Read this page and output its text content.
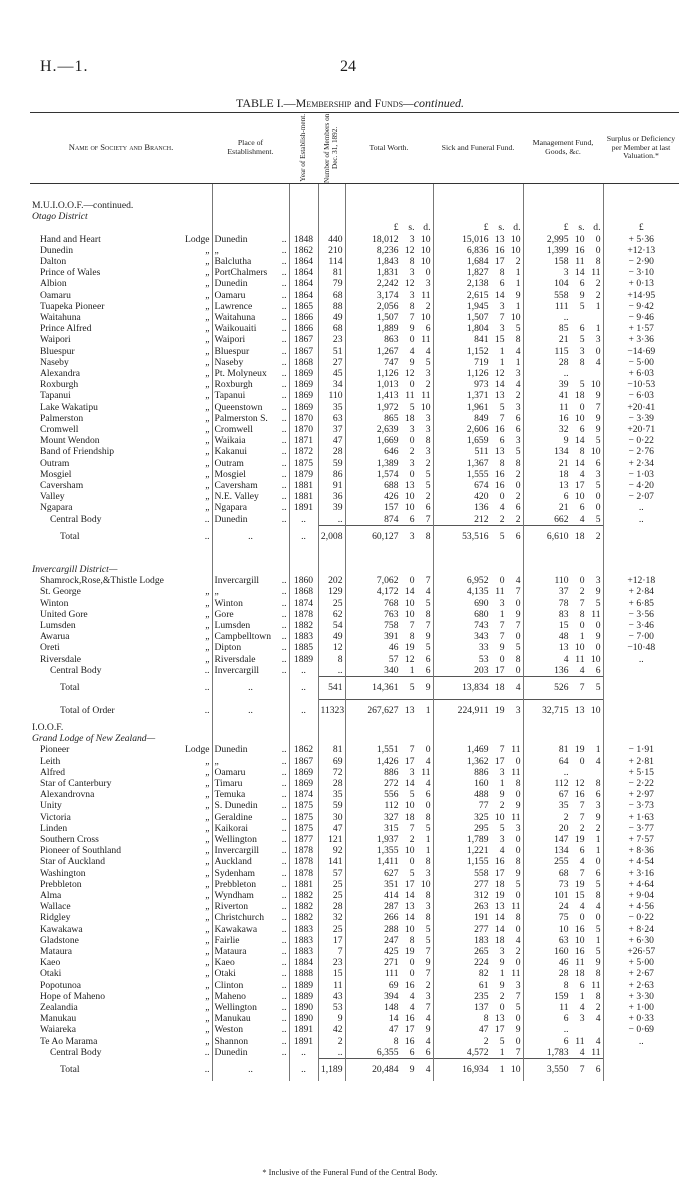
H.—1.	24
TABLE I.—Membership and Funds—continued.
Name of Society and Branch.	Place of Establishment.	Year of Establish-ment.	Number of Members on Dec. 31, 1892.	Total Worth.	Sick and Funeral Fund.	Management Fund, Goods, &c.	Surplus or Deficiency per Member at last Valuation.*

M.U.I.O.O.F.—continued.							
Otago District							

				£ s. d.	£ s. d.	£ s. d.	£
Hand and Heart Lodge	Dunedin ..	1848	440	18,012 3 10	15,016 13 10	2,995 10 0	+ 5·36
Dunedin „	„ ..	1862	210	8,236 12 10	6,836 16 10	1,399 16 0	+12·13
Dalton „	Balclutha ..	1864	114	1,843 8 10	1,684 17 2	158 11 8	− 2·90
Prince of Wales „	PortChalmers ..	1864	81	1,831 3 0	1,827 8 1	3 14 11	− 3·10
Albion „	Dunedin ..	1864	79	2,242 12 3	2,138 6 1	104 6 2	+ 0·13
Oamaru „	Oamaru ..	1864	68	3,174 3 11	2,615 14 9	558 9 2	+14·95
Tuapeka Pioneer „	Lawrence ..	1865	88	2,056 8 2	1,945 3 1	111 5 1	− 9·42
Waitahuna „	Waitahuna ..	1866	49	1,507 7 10	1,507 7 10	..	− 9·46
Prince Alfred „	Waikouaiti ..	1866	68	1,889 9 6	1,804 3 5	85 6 1	+ 1·57
Waipori „	Waipori ..	1867	23	863 0 11	841 15 8	21 5 3	+ 3·36
Bluespur „	Bluespur ..	1867	51	1,267 4 4	1,152 1 4	115 3 0	−14·69
Naseby „	Naseby ..	1868	27	747 9 5	719 1 1	28 8 4	− 5·00
Alexandra „	Pt. Molyneux ..	1869	45	1,126 12 3	1,126 12 3	..	+ 6·03
Roxburgh „	Roxburgh ..	1869	34	1,013 0 2	973 14 4	39 5 10	−10·53
Tapanui „	Tapanui ..	1869	110	1,413 11 11	1,371 13 2	41 18 9	− 6·03
Lake Wakatipu „	Queenstown ..	1869	35	1,972 5 10	1,961 5 3	11 0 7	+20·41
Palmerston „	Palmerston S. ..	1870	63	865 18 3	849 7 6	16 10 9	− 3·39
Cromwell „	Cromwell ..	1870	37	2,639 3 3	2,606 16 6	32 6 9	+20·71
Mount Wendon „	Waikaia ..	1871	47	1,669 0 8	1,659 6 3	9 14 5	− 0·22
Band of Friendship „	Kakanui ..	1872	28	646 2 3	511 13 5	134 8 10	− 2·76
Outram „	Outram ..	1875	59	1,389 3 2	1,367 8 8	21 14 6	+ 2·34
Mosgiel „	Mosgiel ..	1879	86	1,574 0 5	1,555 16 2	18 4 3	− 1·03
Caversham „	Caversham ..	1881	91	688 13 5	674 16 0	13 17 5	− 4·20
Valley „	N.E. Valley ..	1881	36	426 10 2	420 0 2	6 10 0	− 2·07
Ngapara „	Ngapara ..	1891	39	157 10 6	136 4 6	21 6 0	..
Central Body ..	Dunedin ..	..	..	874 6 7	212 2 2	662 4 5	..
Total ..	..	..	2,008	60,127 3 8	53,516 5 6	6,610 18 2	

Invercargill District—							
Shamrock,Rose,&Thistle Lodge	Invercargill ..	1860	202	7,062 0 7	6,952 0 4	110 0 3	+12·18
St. George „	„ ..	1868	129	4,172 14 4	4,135 11 7	37 2 9	+ 2·84
Winton „	Winton ..	1874	25	768 10 5	690 3 0	78 7 5	+ 6·85
United Gore „	Gore ..	1878	62	763 10 8	680 1 9	83 8 11	− 3·56
Lumsden „	Lumsden ..	1882	54	758 7 7	743 7 7	15 0 0	− 3·46
Awarua „	Campbelltown ..	1883	49	391 8 9	343 7 0	48 1 9	− 7·00
Oreti „	Dipton ..	1885	12	46 19 5	33 9 5	13 10 0	−10·48
Riversdale „	Riversdale ..	1889	8	57 12 6	53 0 8	4 11 10	..
Central Body ..	Invercargill ..	..	..	340 1 6	203 17 0	136 4 6	

Total ..	..	..	541	14,361 5 9	13,834 18 4	526 7 5	

Total of Order ..	..	..	11323	267,627 13 1	224,911 19 3	32,715 13 10	

I.O.O.F.							
Grand Lodge of New Zealand—							
Pioneer Lodge	Dunedin ..	1862	81	1,551 7 0	1,469 7 11	81 19 1	− 1·91
Leith „	„ ..	1867	69	1,426 17 4	1,362 17 0	64 0 4	+ 2·81
Alfred „	Oamaru ..	1869	72	886 3 11	886 3 11	..	+ 5·15
Star of Canterbury „	Timaru ..	1869	28	272 14 4	160 1 8	112 12 8	− 2·22
Alexandrovna „	Temuka ..	1874	35	556 5 6	488 9 0	67 16 6	+ 2·97
Unity „	S. Dunedin ..	1875	59	112 10 0	77 2 9	35 7 3	− 3·73
Victoria „	Geraldine ..	1875	30	327 18 8	325 10 11	2 7 9	+ 1·63
Linden „	Kaikorai ..	1875	47	315 7 5	295 5 3	20 2 2	− 3·77
Southern Cross „	Wellington ..	1877	121	1,937 2 1	1,789 3 0	147 19 1	+ 7·57
Pioneer of Southland „	Invercargill ..	1878	92	1,355 10 1	1,221 4 0	134 6 1	+ 8·36
Star of Auckland „	Auckland ..	1878	141	1,411 0 8	1,155 16 8	255 4 0	+ 4·54
Washington „	Sydenham ..	1878	57	627 5 3	558 17 9	68 7 6	+ 3·16
Prebbleton „	Prebbleton ..	1881	25	351 17 10	277 18 5	73 19 5	+ 4·64
Alma „	Wyndham ..	1882	25	414 14 8	312 19 0	101 15 8	+ 9·04
Wallace „	Riverton ..	1882	28	287 13 3	263 13 11	24 4 4	+ 4·56
Ridgley „	Christchurch ..	1882	32	266 14 8	191 14 8	75 0 0	− 0·22
Kawakawa „	Kawakawa ..	1883	25	288 10 5	277 14 0	10 16 5	+ 8·24
Gladstone „	Fairlie ..	1883	17	247 8 5	183 18 4	63 10 1	+ 6·30
Mataura „	Mataura ..	1883	7	425 19 7	265 3 2	160 16 5	+26·57
Kaeo „	Kaeo ..	1884	23	271 0 9	224 9 0	46 11 9	+ 5·00
Otaki „	Otaki ..	1888	15	111 0 7	82 1 11	28 18 8	+ 2·67
Popotunoa „	Clinton ..	1889	11	69 16 2	61 9 3	8 6 11	+ 2·63
Hope of Maheno „	Maheno ..	1889	43	394 4 3	235 2 7	159 1 8	+ 3·30
Zealandia „	Wellington ..	1890	53	148 4 7	137 0 5	11 4 2	+ 1·00
Manukau „	Manukau ..	1890	9	14 16 4	8 13 0	6 3 4	+ 0·33
Waiareka „	Weston ..	1891	42	47 17 9	47 17 9	..	− 0·69
Te Ao Marama „	Shannon ..	1891	2	8 16 4	2 5 0	6 11 4	..
Central Body ..	Dunedin ..	..	..	6,355 6 6	4,572 1 7	1,783 4 11	

Total ..	..	..	1,189	20,484 9 4	16,934 1 10	3,550 7 6	

* Inclusive of the Funeral Fund of the Central Body.
